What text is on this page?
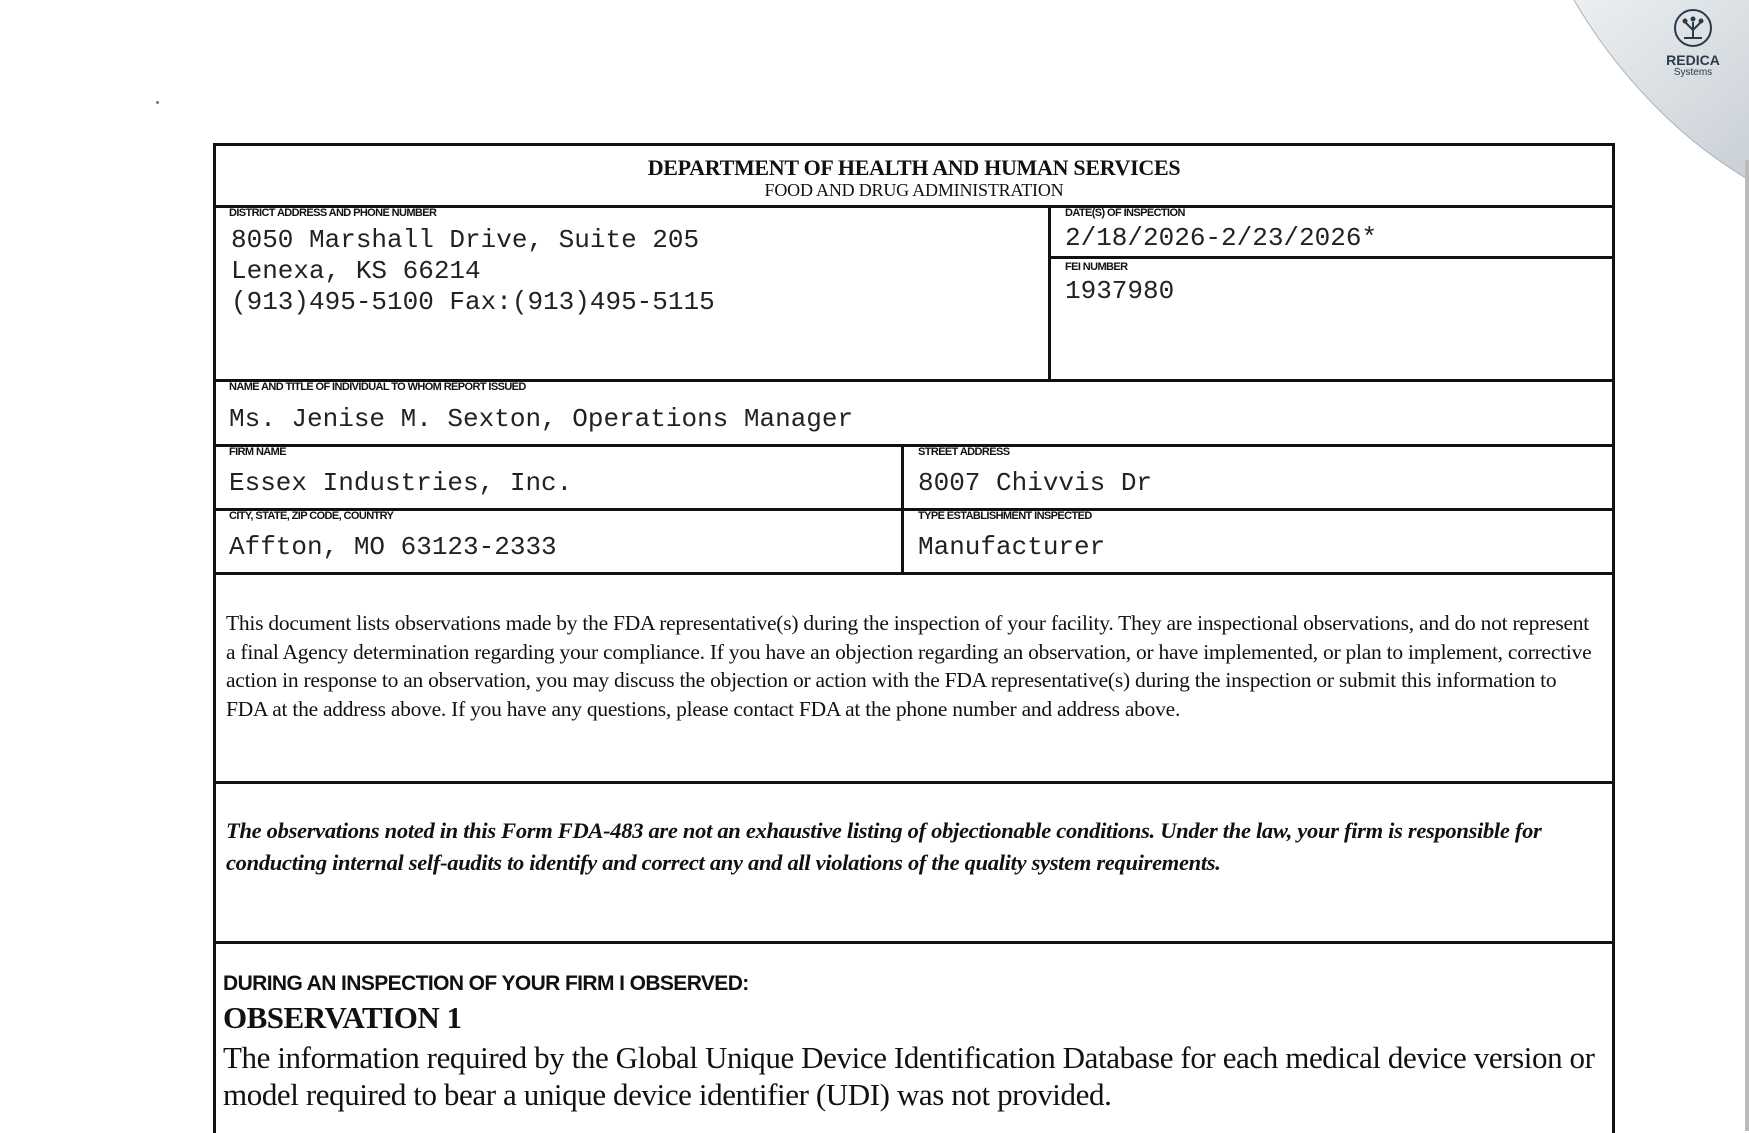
REDICA
Systems
DEPARTMENT OF HEALTH AND HUMAN SERVICES
FOOD AND DRUG ADMINISTRATION
DISTRICT ADDRESS AND PHONE NUMBER
8050 Marshall Drive, Suite 205
Lenexa, KS 66214
(913)495-5100 Fax:(913)495-5115
DATE(S) OF INSPECTION
2/18/2026-2/23/2026*
FEI NUMBER
1937980
NAME AND TITLE OF INDIVIDUAL TO WHOM REPORT ISSUED
Ms. Jenise M. Sexton, Operations Manager
FIRM NAME
Essex Industries, Inc.
STREET ADDRESS
8007 Chivvis Dr
CITY, STATE, ZIP CODE, COUNTRY
Affton, MO 63123-2333
TYPE ESTABLISHMENT INSPECTED
Manufacturer
This document lists observations made by the FDA representative(s) during the inspection of your facility. They are inspectional observations, and do not represent a final Agency determination regarding your compliance. If you have an objection regarding an observation, or have implemented, or plan to implement, corrective action in response to an observation, you may discuss the objection or action with the FDA representative(s) during the inspection or submit this information to FDA at the address above. If you have any questions, please contact FDA at the phone number and address above.
The observations noted in this Form FDA-483 are not an exhaustive listing of objectionable conditions. Under the law, your firm is responsible for conducting internal self-audits to identify and correct any and all violations of the quality system requirements.
DURING AN INSPECTION OF YOUR FIRM I OBSERVED:
OBSERVATION 1
The information required by the Global Unique Device Identification Database for each medical device version or model required to bear a unique device identifier (UDI) was not provided.
